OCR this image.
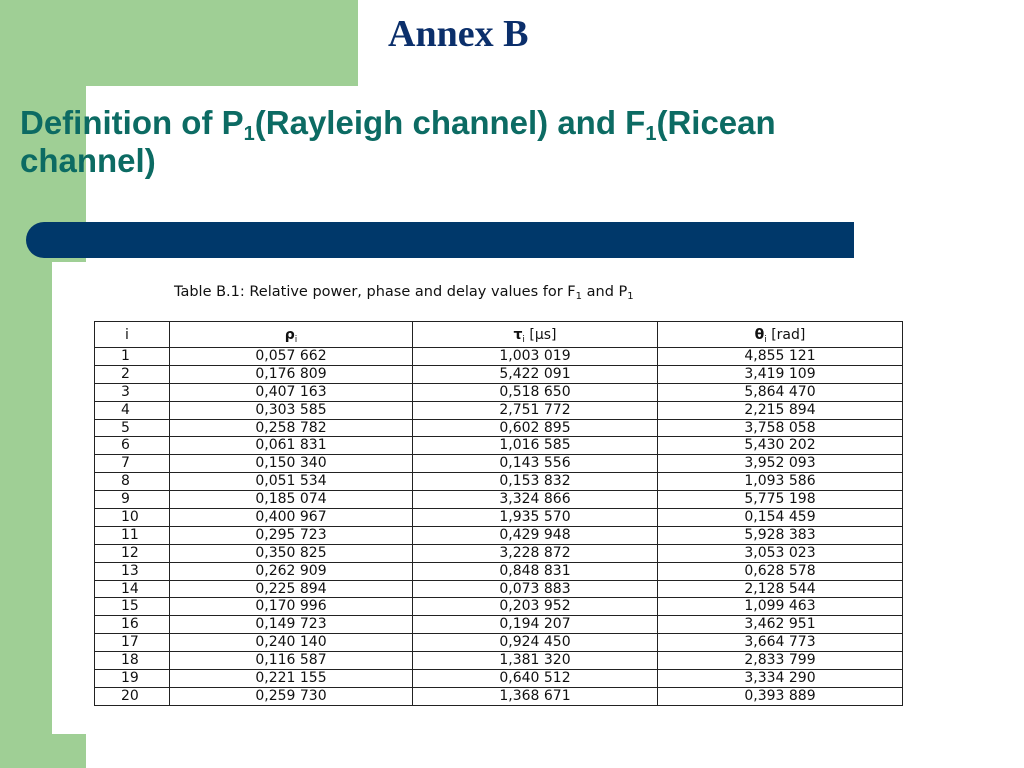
Annex B
Definition of $P_1(Rayleigh$ channel) and $F_1(Ricean$
channel)

Table B.1: Relative power, phase and delay values for $F_1$ and $P_1$

i	$\rho_i$	$\tau_i$ [µs]	$\theta_i$ [rad]
1	0,057 662	1,003 019	4,855 121
2	0,176 809	5,422 091	3,419 109
3	0,407 163	0,518 650	5,864 470
4	0,303 585	2,751 772	2,215 894
5	0,258 782	0,602 895	3,758 058
6	0,061 831	1,016 585	5,430 202
7	0,150 340	0,143 556	3,952 093
8	0,051 534	0,153 832	1,093 586
9	0,185 074	3,324 866	5,775 198
10	0,400 967	1,935 570	0,154 459
11	0,295 723	0,429 948	5,928 383
12	0,350 825	3,228 872	3,053 023
13	0,262 909	0,848 831	0,628 578
14	0,225 894	0,073 883	2,128 544
15	0,170 996	0,203 952	1,099 463
16	0,149 723	0,194 207	3,462 951
17	0,240 140	0,924 450	3,664 773
18	0,116 587	1,381 320	2,833 799
19	0,221 155	0,640 512	3,334 290
20	0,259 730	1,368 671	0,393 889
